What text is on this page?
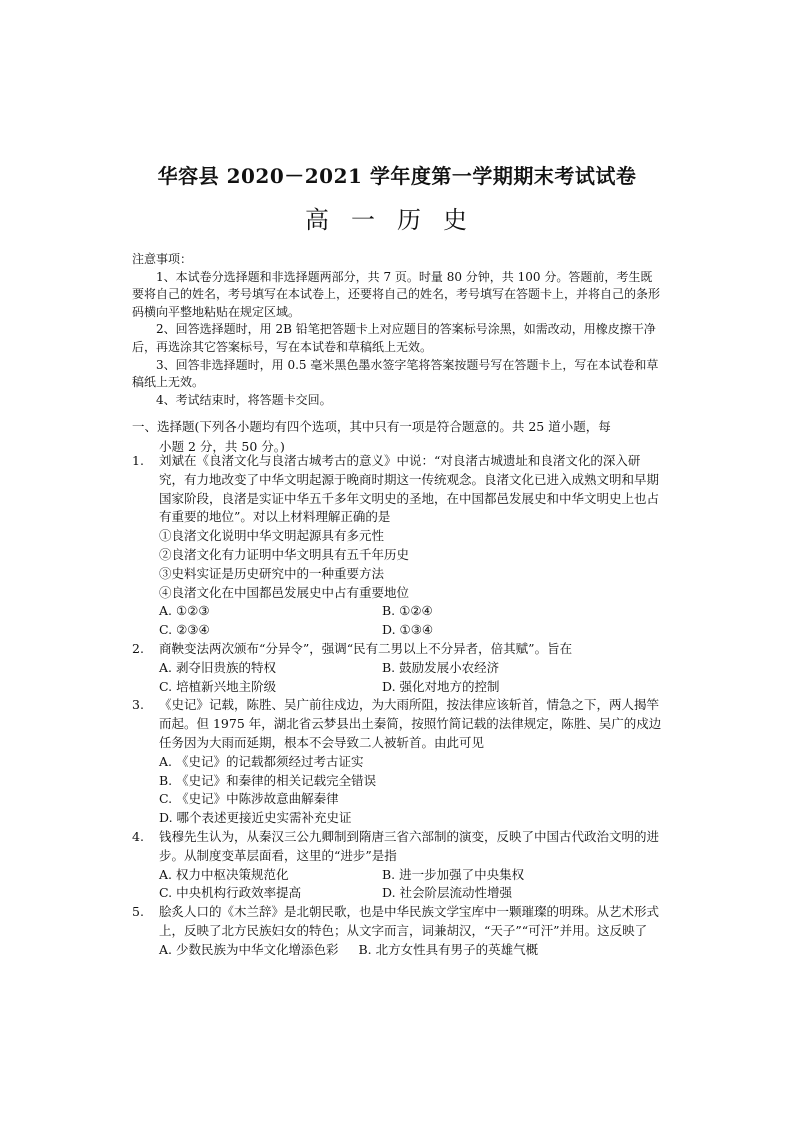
华容县 2020－2021 学年度第一学期期末考试试卷
高一历史
注意事项：
1、本试卷分选择题和非选择题两部分，共 7 页。时量 80 分钟，共 100 分。答题前，考生既要将自己的姓名，考号填写在本试卷上，还要将自己的姓名，考号填写在答题卡上，并将自己的条形码横向平整地粘贴在规定区域。
2、回答选择题时，用 2B 铅笔把答题卡上对应题目的答案标号涂黑，如需改动，用橡皮擦干净后，再选涂其它答案标号，写在本试卷和草稿纸上无效。
3、回答非选择题时，用 0.5 毫米黑色墨水签字笔将答案按题号写在答题卡上，写在本试卷和草稿纸上无效。
4、考试结束时，将答题卡交回。
一、选择题(下列各小题均有四个选项，其中只有一项是符合题意的。共 25 道小题，每
小题 2 分，共 50 分。)
1. 刘斌在《良渚文化与良渚古城考古的意义》中说：“对良渚古城遗址和良渚文化的深入研究，有力地改变了中华文明起源于晚商时期这一传统观念。良渚文化已进入成熟文明和早期国家阶段，良渚是实证中华五千多年文明史的圣地，在中国都邑发展史和中华文明史上也占有重要的地位”。对以上材料理解正确的是
①良渚文化说明中华文明起源具有多元性
②良渚文化有力证明中华文明具有五千年历史
③史料实证是历史研究中的一种重要方法
④良渚文化在中国都邑发展史中占有重要地位
A. ①②③	B. ①②④
C. ②③④	D. ①③④
2. 商鞅变法两次颁布“分异令”，强调“民有二男以上不分异者，倍其赋”。旨在
A. 剥夺旧贵族的特权	B. 鼓励发展小农经济
C. 培植新兴地主阶级	D. 强化对地方的控制
3. 《史记》记载，陈胜、吴广前往戍边，为大雨所阻，按法律应该斩首，情急之下，两人揭竿而起。但 1975 年，湖北省云梦县出土秦简，按照竹简记载的法律规定，陈胜、吴广的戍边任务因为大雨而延期，根本不会导致二人被斩首。由此可见
A. 《史记》的记载都须经过考古证实
B. 《史记》和秦律的相关记载完全错误
C. 《史记》中陈涉故意曲解秦律
D. 哪个表述更接近史实需补充史证
4. 钱穆先生认为，从秦汉三公九卿制到隋唐三省六部制的演变，反映了中国古代政治文明的进步。从制度变革层面看，这里的“进步”是指
A. 权力中枢决策规范化	B. 进一步加强了中央集权
C. 中央机构行政效率提高	D. 社会阶层流动性增强
5. 脍炙人口的《木兰辞》是北朝民歌，也是中华民族文学宝库中一颗璀璨的明珠。从艺术形式上，反映了北方民族妇女的特色；从文字而言，词兼胡汉，“天子”“可汗”并用。这反映了
A. 少数民族为中华文化增添色彩 B. 北方女性具有男子的英雄气概
